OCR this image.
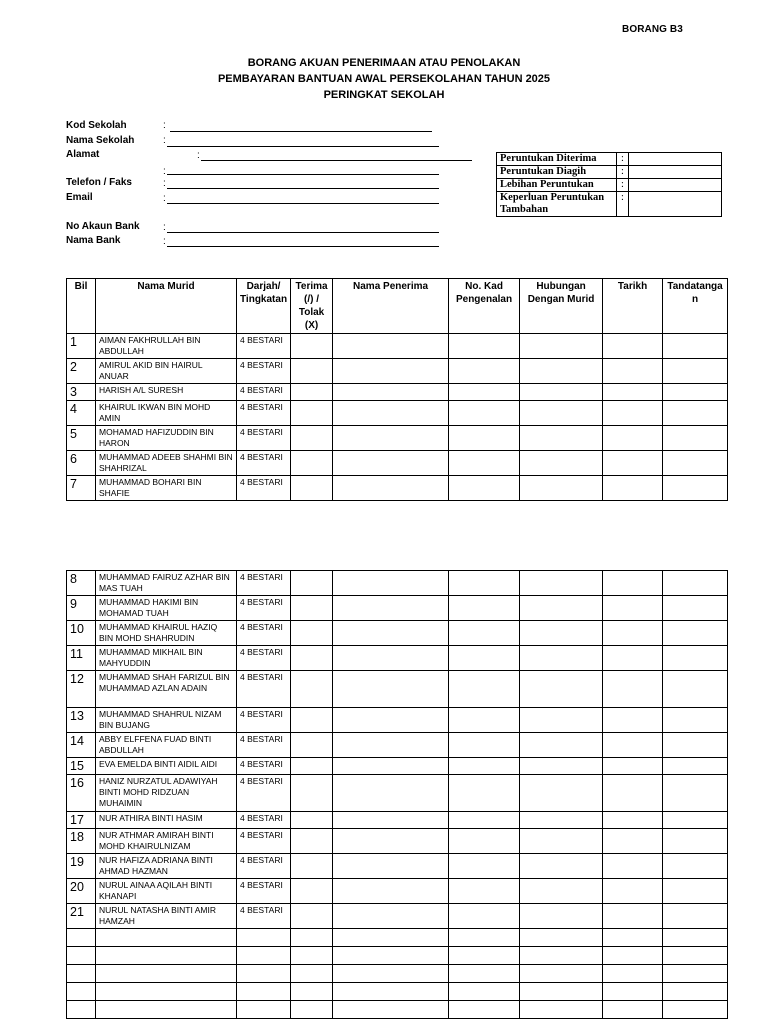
BORANG B3
BORANG AKUAN PENERIMAAN ATAU PENOLAKAN
PEMBAYARAN BANTUAN AWAL PERSEKOLAHAN TAHUN 2025
PERINGKAT SEKOLAH
Kod Sekolah	:
Nama Sekolah	:
Alamat	:
:
Telefon / Faks	:
Email	:
No Akaun Bank :
Nama Bank	:
Peruntukan Diterima	:	
Peruntukan Diagih	:	
Lebihan Peruntukan	:	
Keperluan Peruntukan Tambahan	:	
Bil	Nama Murid	Darjah/ Tingkatan	Terima (/) / Tolak (X)	Nama Penerima	No. Kad Pengenalan	Hubungan Dengan Murid	Tarikh	Tandatanga n
1	AIMAN FAKHRULLAH BIN ABDULLAH	4 BESTARI						
2	AMIRUL AKID BIN HAIRUL ANUAR	4 BESTARI						
3	HARISH A/L SURESH	4 BESTARI						
4	KHAIRUL IKWAN BIN MOHD AMIN	4 BESTARI						
5	MOHAMAD HAFIZUDDIN BIN HARON	4 BESTARI						
6	MUHAMMAD ADEEB SHAHMI BIN SHAHRIZAL	4 BESTARI						
7	MUHAMMAD BOHARI BIN SHAFIE	4 BESTARI						
8	MUHAMMAD FAIRUZ AZHAR BIN MAS TUAH	4 BESTARI						
9	MUHAMMAD HAKIMI BIN MOHAMAD TUAH	4 BESTARI						
10	MUHAMMAD KHAIRUL HAZIQ BIN MOHD SHAHRUDIN	4 BESTARI						
11	MUHAMMAD MIKHAIL BIN MAHYUDDIN	4 BESTARI						
12	MUHAMMAD SHAH FARIZUL BIN MUHAMMAD AZLAN ADAIN	4 BESTARI						
13	MUHAMMAD SHAHRUL NIZAM BIN BUJANG	4 BESTARI						
14	ABBY ELFFENA FUAD BINTI ABDULLAH	4 BESTARI						
15	EVA EMELDA BINTI AIDIL AIDI	4 BESTARI						
16	HANIZ NURZATUL ADAWIYAH BINTI MOHD RIDZUAN MUHAIMIN	4 BESTARI						
17	NUR ATHIRA BINTI HASIM	4 BESTARI						
18	NUR ATHMAR AMIRAH BINTI MOHD KHAIRULNIZAM	4 BESTARI						
19	NUR HAFIZA ADRIANA BINTI AHMAD HAZMAN	4 BESTARI						
20	NURUL AINAA AQILAH BINTI KHANAPI	4 BESTARI						
21	NURUL NATASHA BINTI AMIR HAMZAH	4 BESTARI						
